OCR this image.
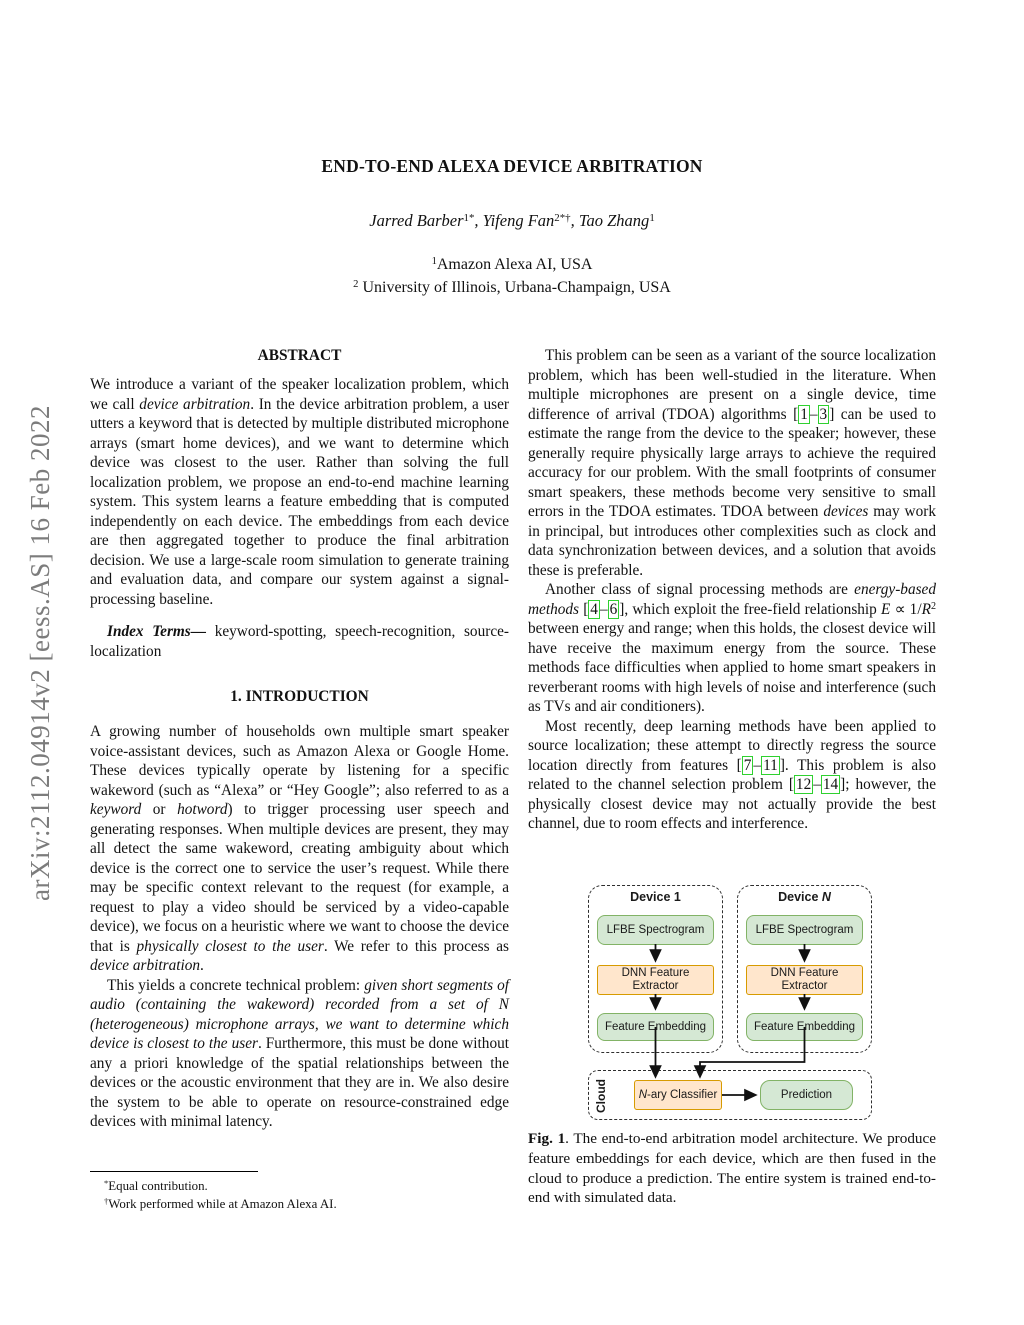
arXiv:2112.04914v2 [eess.AS] 16 Feb 2022
END-TO-END ALEXA DEVICE ARBITRATION
Jarred Barber$^{1*}$, Yifeng Fan$^{2*\dagger}$, Tao Zhang$^1$
$^1$Amazon Alexa AI, USA
$^2$ University of Illinois, Urbana-Champaign, USA
ABSTRACT

We introduce a variant of the speaker localization problem, which we call device arbitration. In the device arbitration problem, a user utters a keyword that is detected by multiple distributed microphone arrays (smart home devices), and we want to determine which device was closest to the user. Rather than solving the full localization problem, we propose an end-to-end machine learning system. This system learns a feature embedding that is computed independently on each device. The embeddings from each device are then aggregated together to produce the final arbitration decision. We use a large-scale room simulation to generate training and evaluation data, and compare our system against a signal-processing baseline.

Index Terms— keyword-spotting, speech-recognition, source-localization

1. INTRODUCTION

A growing number of households own multiple smart speaker voice-assistant devices, such as Amazon Alexa or Google Home. These devices typically operate by listening for a specific wakeword (such as “Alexa” or “Hey Google”; also referred to as a keyword or hotword) to trigger processing user speech and generating responses. When multiple devices are present, they may all detect the same wakeword, creating ambiguity about which device is the correct one to service the user’s request. While there may be specific context relevant to the request (for example, a request to play a video should be serviced by a video-capable device), we focus on a heuristic where we want to choose the device that is physically closest to the user. We refer to this process as device arbitration.

This yields a concrete technical problem: given short segments of audio (containing the wakeword) recorded from a set of N (heterogeneous) microphone arrays, we want to determine which device is closest to the user. Furthermore, this must be done without any a priori knowledge of the spatial relationships between the devices or the acoustic environment that they are in. We also desire the system to be able to operate on resource-constrained edge devices with minimal latency.

This problem can be seen as a variant of the source localization problem, which has been well-studied in the literature. When multiple microphones are present on a single device, time difference of arrival (TDOA) algorithms [ 1 – 3 ] can be used to estimate the range from the device to the speaker; however, these generally require physically large arrays to achieve the required accuracy for our problem. With the small footprints of consumer smart speakers, these methods become very sensitive to small errors in the TDOA estimates. TDOA between devices may work in principal, but introduces other complexities such as clock and data synchronization between devices, and a solution that avoids these is preferable.

Another class of signal processing methods are energy-based methods [ 4 – 6 ], which exploit the free-field relationship $E \propto 1/R^2$ between energy and range; when this holds, the closest device will have receive the maximum energy from the source. These methods face difficulties when applied to home smart speakers in reverberant rooms with high levels of noise and interference (such as TVs and air conditioners).

Most recently, deep learning methods have been applied to source localization; these attempt to directly regress the source location directly from features [ 7 – 11 ]. This problem is also related to the channel selection problem [ 12 – 14 ]; however, the physically closest device may not actually provide the best channel, due to room effects and interference.

*Equal contribution.

†Work performed while at Amazon Alexa AI.

Device 1
LFBE Spectrogram
DNN Feature Extractor
Feature Embedding
Device N
LFBE Spectrogram
DNN Feature Extractor
Feature Embedding
Cloud	N -ary Classifier	Prediction

Fig. 1. The end-to-end arbitration model architecture. We produce feature embeddings for each device, which are then fused in the cloud to produce a prediction. The entire system is trained end-to-end with simulated data.
